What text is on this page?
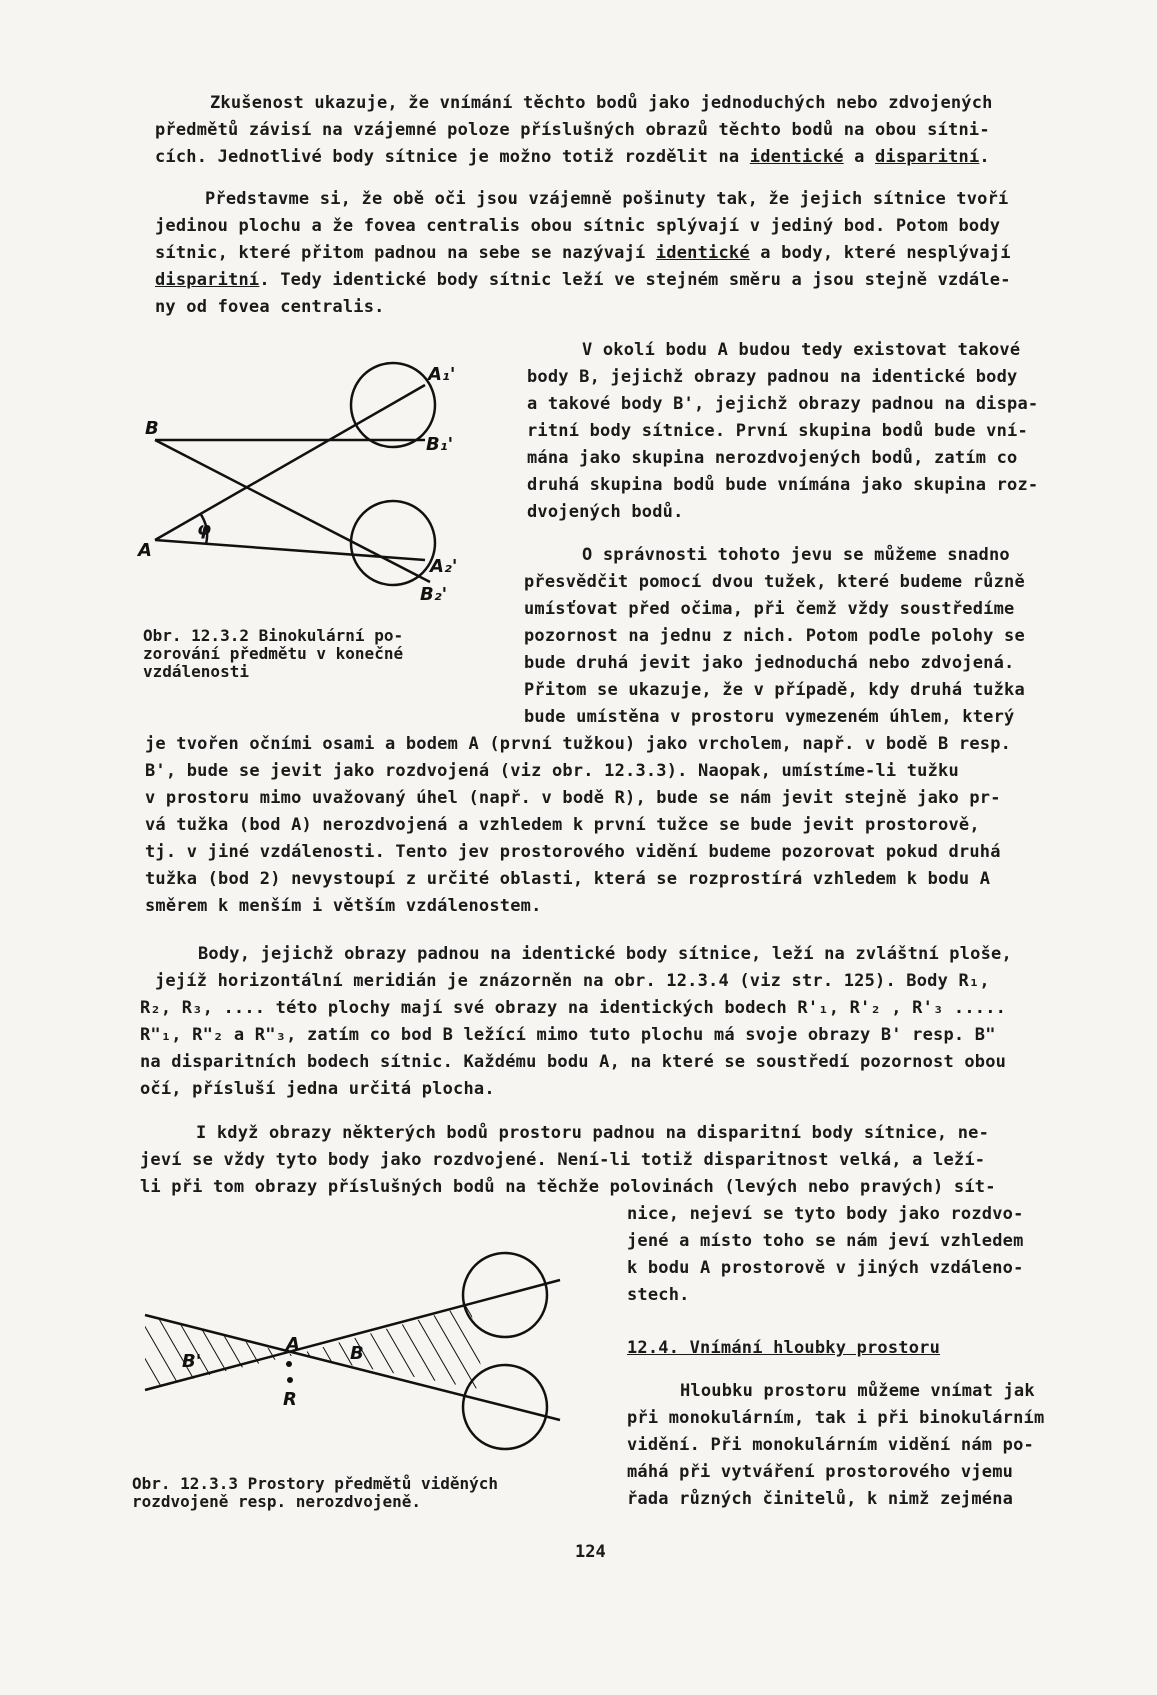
Zkušenost ukazuje, že vnímání těchto bodů jako jednoduchých nebo zdvojených

předmětů závisí na vzájemné poloze příslušných obrazů těchto bodů na obou sítni-

cích. Jednotlivé body sítnice je možno totiž rozdělit na identické a disparitní.

Představme si, že obě oči jsou vzájemně pošinuty tak, že jejich sítnice tvoří

jedinou plochu a že fovea centralis obou sítnic splývají v jediný bod. Potom body

sítnic, které přitom padnou na sebe se nazývají identické a body, které nesplývají

disparitní. Tedy identické body sítnic leží ve stejném směru a jsou stejně vzdále-

ny od fovea centralis.

V okolí bodu A budou tedy existovat takové

body B, jejichž obrazy padnou na identické body

a takové body B', jejichž obrazy padnou na dispa-

ritní body sítnice. První skupina bodů bude vní-

mána jako skupina nerozdvojených bodů, zatím co

druhá skupina bodů bude vnímána jako skupina roz-

dvojených bodů.

O správnosti tohoto jevu se můžeme snadno

přesvědčit pomocí dvou tužek, které budeme různě

umísťovat před očima, při čemž vždy soustředíme

pozornost na jednu z nich. Potom podle polohy se

bude druhá jevit jako jednoduchá nebo zdvojená.

Přitom se ukazuje, že v případě, kdy druhá tužka

bude umístěna v prostoru vymezeném úhlem, který

je tvořen očními osami a bodem A (první tužkou) jako vrcholem, např. v bodě B resp.

B', bude se jevit jako rozdvojená (viz obr. 12.3.3). Naopak, umístíme-li tužku

v prostoru mimo uvažovaný úhel (např. v bodě R), bude se nám jevit stejně jako pr-

vá tužka (bod A) nerozdvojená a vzhledem k první tužce se bude jevit prostorově,

tj. v jiné vzdálenosti. Tento jev prostorového vidění budeme pozorovat pokud druhá

tužka (bod 2) nevystoupí z určité oblasti, která se rozprostírá vzhledem k bodu A

směrem k menším i větším vzdálenostem.

Body, jejichž obrazy padnou na identické body sítnice, leží na zvláštní ploše,

jejíž horizontální meridián je znázorněn na obr. 12.3.4 (viz str. 125). Body R₁,

R₂, R₃, .... této plochy mají své obrazy na identických bodech R'₁, R'₂ , R'₃ .....

R"₁, R"₂ a R"₃, zatím co bod B ležící mimo tuto plochu má svoje obrazy B' resp. B"

na disparitních bodech sítnic. Každému bodu A, na které se soustředí pozornost obou

očí, přísluší jedna určitá plocha.

I když obrazy některých bodů prostoru padnou na disparitní body sítnice, ne-

jeví se vždy tyto body jako rozdvojené. Není-li totiž disparitnost velká, a leží-

li při tom obrazy příslušných bodů na těchže polovinách (levých nebo pravých) sít-

nice, nejeví se tyto body jako rozdvo-

jené a místo toho se nám jeví vzhledem

k bodu A prostorově v jiných vzdáleno-

stech.

12.4. Vnímání hloubky prostoru

Hloubku prostoru můžeme vnímat jak

při monokulárním, tak i při binokulárním

vidění. Při monokulárním vidění nám po-

máhá při vytváření prostorového vjemu

řada různých činitelů, k nimž zejména

B
A
φ
A₁'
B₁'
A₂'
B₂'

Obr. 12.3.2 Binokulární po-

zorování předmětu v konečné

vzdálenosti

A
R
B
B'

Obr. 12.3.3 Prostory předmětů viděných

rozdvojeně resp. nerozdvojeně.

124
